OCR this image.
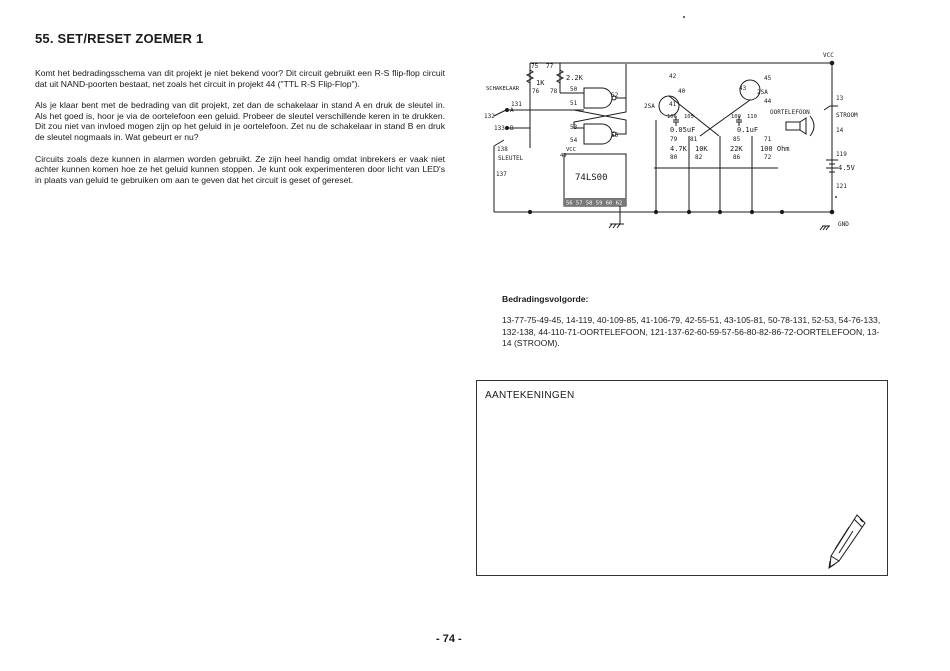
55. SET/RESET ZOEMER 1

Komt het bedradingsschema van dit projekt je niet bekend voor? Dit circuit gebruikt een R-S flip-flop circuit dat uit NAND-poorten bestaat, net zoals het circuit in projekt 44 ("TTL R-S Flip-Flop").

Als je klaar bent met de bedrading van dit projekt, zet dan de schakelaar in stand A en druk de sleutel in. Als het goed is, hoor je via de oortelefoon een geluid. Probeer de sleutel verschillende keren in te drukken. Dit zou niet van invloed mogen zijn op het geluid in je oortelefoon. Zet nu de schakelaar in stand B en druk de sleutel nogmaals in. Wat gebeurt er nu?

Circuits zoals deze kunnen in alarmen worden gebruikt. Ze zijn heel handig omdat inbrekers er vaak niet achter kunnen komen hoe ze het geluid kunnen stoppen. Je kunt ook experimenteren door licht van LED's in plaats van geluid te gebruiken om aan te geven dat het circuit is geset of gereset.

VCC
GND
75 77
1K
2.2K
76 78
SCHAKELAAR
A
B
131
132
133
138
SLEUTEL
137
50
51
52
53
54
55
74LS00
VCC
49
56 57 58 59 60 62
2SA
2SA
42
40
41
45
43
44
106 105	109 110
0.05uF	0.1uF
79 81	85	71
4.7K 10K	22K 100 Ohm
80	82	86	72
OORTELEFOON
13
STROOM
14
119
4.5V
121
Bedradingsvolgorde:

13-77-75-49-45, 14-119, 40-109-85, 41-106-79, 42-55-51, 43-105-81, 50-78-131, 52-53, 54-76-133, 132-138, 44-110-71-OORTELEFOON, 121-137-62-60-59-57-56-80-82-86-72-OORTELEFOON, 13-14 (STROOM).

AANTEKENINGEN
- 74 -
